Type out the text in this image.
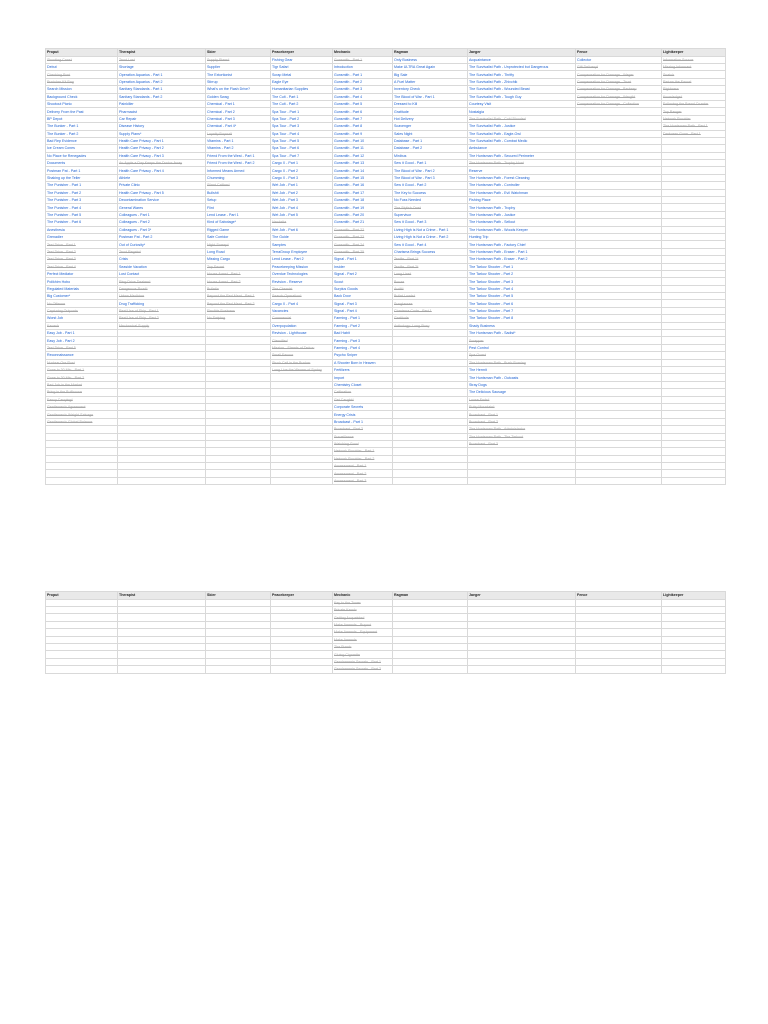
Proput	Therapist	Skier	Peacekeeper	Mechanic	Ragman	Jaeger	Fence	Lightkeeper
Shooting Cans*	Trust Lost	Supply Plans*	Fishing Gear	Gunsmith - Part 1	Only Business	Acquaintance	Collector	Information Source
Debut	Shortage	Supplier	Tigr Safari	Introduction	Make ULTRA Great Again	The Survivalist Path - Unprotected but Dangerous	Gift Delivery*	Missing Informant
Checking Post	Operation Aquarius - Part 1	The Extortionist	Scrap Metal	Gunsmith - Part 1	Big Sale	The Survivalist Path - Thrifty	Compensation for Damage - Wager	Snatch
Punisher Kit Bag	Operation Aquarius - Part 2	Stirrup	Eagle Eye	Gunsmith - Part 2	A Fuel Matter	The Survivalist Path - Zhivchik	Compensation for Damage - Trust	Return the Favor*
Search Mission	Sanitary Standards - Part 1	What's on the Flash Drive?	Humanitarian Supplies	Gunsmith - Part 3	Inventory Check	The Survivalist Path - Wounded Beast	Compensation for Damage - Barkeep	Rigidness
Background Check	Sanitary Standards - Part 2	Golden Swag	The Cult - Part 1	Gunsmith - Part 4	The Blood of War - Part 1	The Survivalist Path - Tough Guy	Compensation for Damage - Wergild	Knowledge*
Shootout Picnic	Painkiller	Chemical - Part 1	The Cult - Part 2	Gunsmith - Part 5	Dressed to Kill	Courtesy Visit	Compensation for Damage - Collection	Following the Bread Crumbs
Delivery From the Past	Pharmacist	Chemical - Part 2	Spa Tour - Part 1	Gunsmith - Part 6	Gratitude	Nostalgia		Top Ranger
BP Depot	Car Repair	Chemical - Part 3	Spa Tour - Part 2	Gunsmith - Part 7	Hot Delivery	The Survivalist Path - Cold Blooded		Network Provider
The Bunker - Part 1	Disease History	Chemical - Part 4*	Spa Tour - Part 3	Gunsmith - Part 8	Scavenger	The Survivalist Path - Justice		The Huntsman Path - Part 1
The Bunker - Part 2	Supply Plans*	Loyalty Buyout*	Spa Tour - Part 4	Gunsmith - Part 9	Sales Night	The Survivalist Path - Eagle-Owl		Darkness Gone - Part 1
Bad Rep Evidence	Health Care Privacy - Part 1	Vitamins - Part 1	Spa Tour - Part 5	Gunsmith - Part 10	Database - Part 1	The Survivalist Path - Combat Medic		
Ice Cream Cones	Health Care Privacy - Part 2	Vitamins - Part 2	Spa Tour - Part 6	Gunsmith - Part 11	Database - Part 2	Ambulance		
No Place for Renegades	Health Care Privacy - Part 3	Friend From the West - Part 1	Spa Tour - Part 7	Gunsmith - Part 12	Minibus	The Huntsman Path - Secured Perimeter		
Documents	An Apple a Day Keeps the Doctor Away	Friend From the West - Part 2	Cargo X - Part 1	Gunsmith - Part 13	Sew it Good - Part 1	The Huntsman Path - Trophy Hunt		
Postman Pat - Part 1	Health Care Privacy - Part 4	Informed Means Armed	Cargo X - Part 2	Gunsmith - Part 14	The Blood of War - Part 2	Reserve		
Shaking up the Teller	Athlete	Chumming	Cargo X - Part 3	Gunsmith - Part 15	The Blood of War - Part 3	The Huntsman Path - Forest Cleaning		
The Punisher - Part 1	Private Clinic	Silent Caliber*	Wet Job - Part 1	Gunsmith - Part 16	Sew it Good - Part 2	The Huntsman Path - Controller		
The Punisher - Part 2	Health Care Privacy - Part 5	Bullshit	Wet Job - Part 2	Gunsmith - Part 17	The Key to Success	The Huntsman Path - Evil Watchman		
The Punisher - Part 3	Decontamination Service	Setup	Wet Job - Part 3	Gunsmith - Part 18	No Fuss Needed	Fishing Place		
The Punisher - Part 4	General Wares	Flint	Wet Job - Part 4	Gunsmith - Part 19	The Stylish One*	The Huntsman Path - Trophy		
The Punisher - Part 5	Colleagues - Part 1	Lend Lease - Part 1	Wet Job - Part 5	Gunsmith - Part 20	Supervisor	The Huntsman Path - Justice		
The Punisher - Part 6	Colleagues - Part 2	Kind of Sabotage*	Vendetta	Gunsmith - Part 21	Sew it Good - Part 3	The Huntsman Path - Sellout		
Anesthesia	Colleagues - Part 3*	Rigged Game	Wet Job - Part 6	Gunsmith - Part 22	Living High is Not a Crime - Part 1	The Huntsman Path - Woods Keeper		
Grenadier	Postman Pat - Part 2	Safe Corridor	The Guide	Gunsmith - Part 23	Living High is Not a Crime - Part 2	Hunting Trip		
Test Drive - Part 1	Out of Curiosity*	Night Sweep*	Samples	Gunsmith - Part 24	Sew it Good - Part 4	The Huntsman Path - Factory Chief		
Test Drive - Part 2	Trust Regain*	Long Road	TerraGroup Employee	Gunsmith - Part 25	Charisma Brings Success	The Huntsman Path - Eraser - Part 1		
Test Drive - Part 3	Crisis	Missing Cargo	Lend Lease - Part 2	Signal - Part 1	Textile - Part 1*	The Huntsman Path - Eraser - Part 2		
Test Drive - Part 4	Seaside Vacation	Top Secret	Peacekeeping Mission	Insider	Textile - Part 2*	The Tarkov Shooter - Part 1		
Perfect Mediator	Lost Contact	House Arrest - Part 1	Overdue Technologies	Signal - Part 2	Long Line*	The Tarkov Shooter - Part 2		
Polikhim Hobo	Ring Drive Dealers*	House Arrest - Part 2	Revision - Reserve	Scout	Booze	The Tarkov Shooter - Part 3		
Regulated Materials	Dangerous Road*	Bulletin	The Chemist	Surplus Goods	Audit*	The Tarkov Shooter - Part 4		
Big Customer*	Urban Medicine	Beyond the Red Meat - Part 1	Search Operation*	Back Door	Bullet Loads*	The Tarkov Shooter - Part 5		
No Offense	Drug Trafficking	Beyond the Red Meat - Part 2	Cargo X - Part 4	Signal - Part 3	Sunglasses	The Tarkov Shooter - Part 6		
Capturing Outposts	Real Use of Ship - Part 1	Flexible Business	Vacancies	Signal - Part 4	Charisma Code - Part 1	The Tarkov Shooter - Part 7		
Worst Job	Real Use of Ship - Part 2	No Swiping	Commercial	Farming - Part 1	Gratitude	The Tarkov Shooter - Part 8		
Kacesh	Mechanical Supply		Overpopulation	Farming - Part 2	Anthology: Long Story	Shady Business		
Easy Job - Part 1			Revision - Lighthouse	Bad Habit		The Huntsman Path - Sadist*		
Easy Job - Part 2			Classified	Farming - Part 3		Scrapper		
Test Drive - Part 5			Mission - Streets of Tarkov	Farming - Part 4		Pest Control		
Reconnaissance			Small Favour	Psycho Sniper		Spa Guest		
Nuclear Ore Rust			Stuck Cell in the Bunker	A Shooter Born in Heaven		The Huntsman Path - Bush Burning		
Gone in 30 Min - Part 1			Long Live the Wearer of Spring	Fertilizers		The Hermit		
Gone in 30 Min - Part 2				Import		The Huntsman Path - Outcasts		
Bad Job in the Market				Chemistry Closet		Stray Dogs		
Bring in the Bullhouse				Calibration		The Delicious Sausage		
Fancy Carrying*				Get Caught*		Loose Ends*		
Gentlemen's Agreement				Corporate Secrets		Ruby Mountain*		
Gentlemen's Weight Salvage				Energy Crisis		Broadcast - Part 1		
Gentlemen's Global Balance				Broadcast - Part 1		Broadcast - Part 2		
				Broadcast - Part 2		The Huntsman Path - Administrator		
				Surveillance		The Huntsman Path - The Tarkov*		
				Watching Good		Broadcast - Part 3		
				Network Provider - Part 1				
				Network Provider - Part 2				
				Assessment - Part 1				
				Assessment - Part 2				
				Assessment - Part 3				
Proput	Therapist	Skier	Peacekeeper	Mechanic	Ragman	Jaeger	Fence	Lightkeeper
				Key to the Tower				
				Private Kendo				
				Getting Acquainted				
				Make Amends - Buyout				
				Make Amends - Equipment				
				Make Amends				
				The Punch				
				Gluing Cigarette				
				Gendarmerie Secrets - Part 1				
				Gendarmerie Secrets - Part 2				
